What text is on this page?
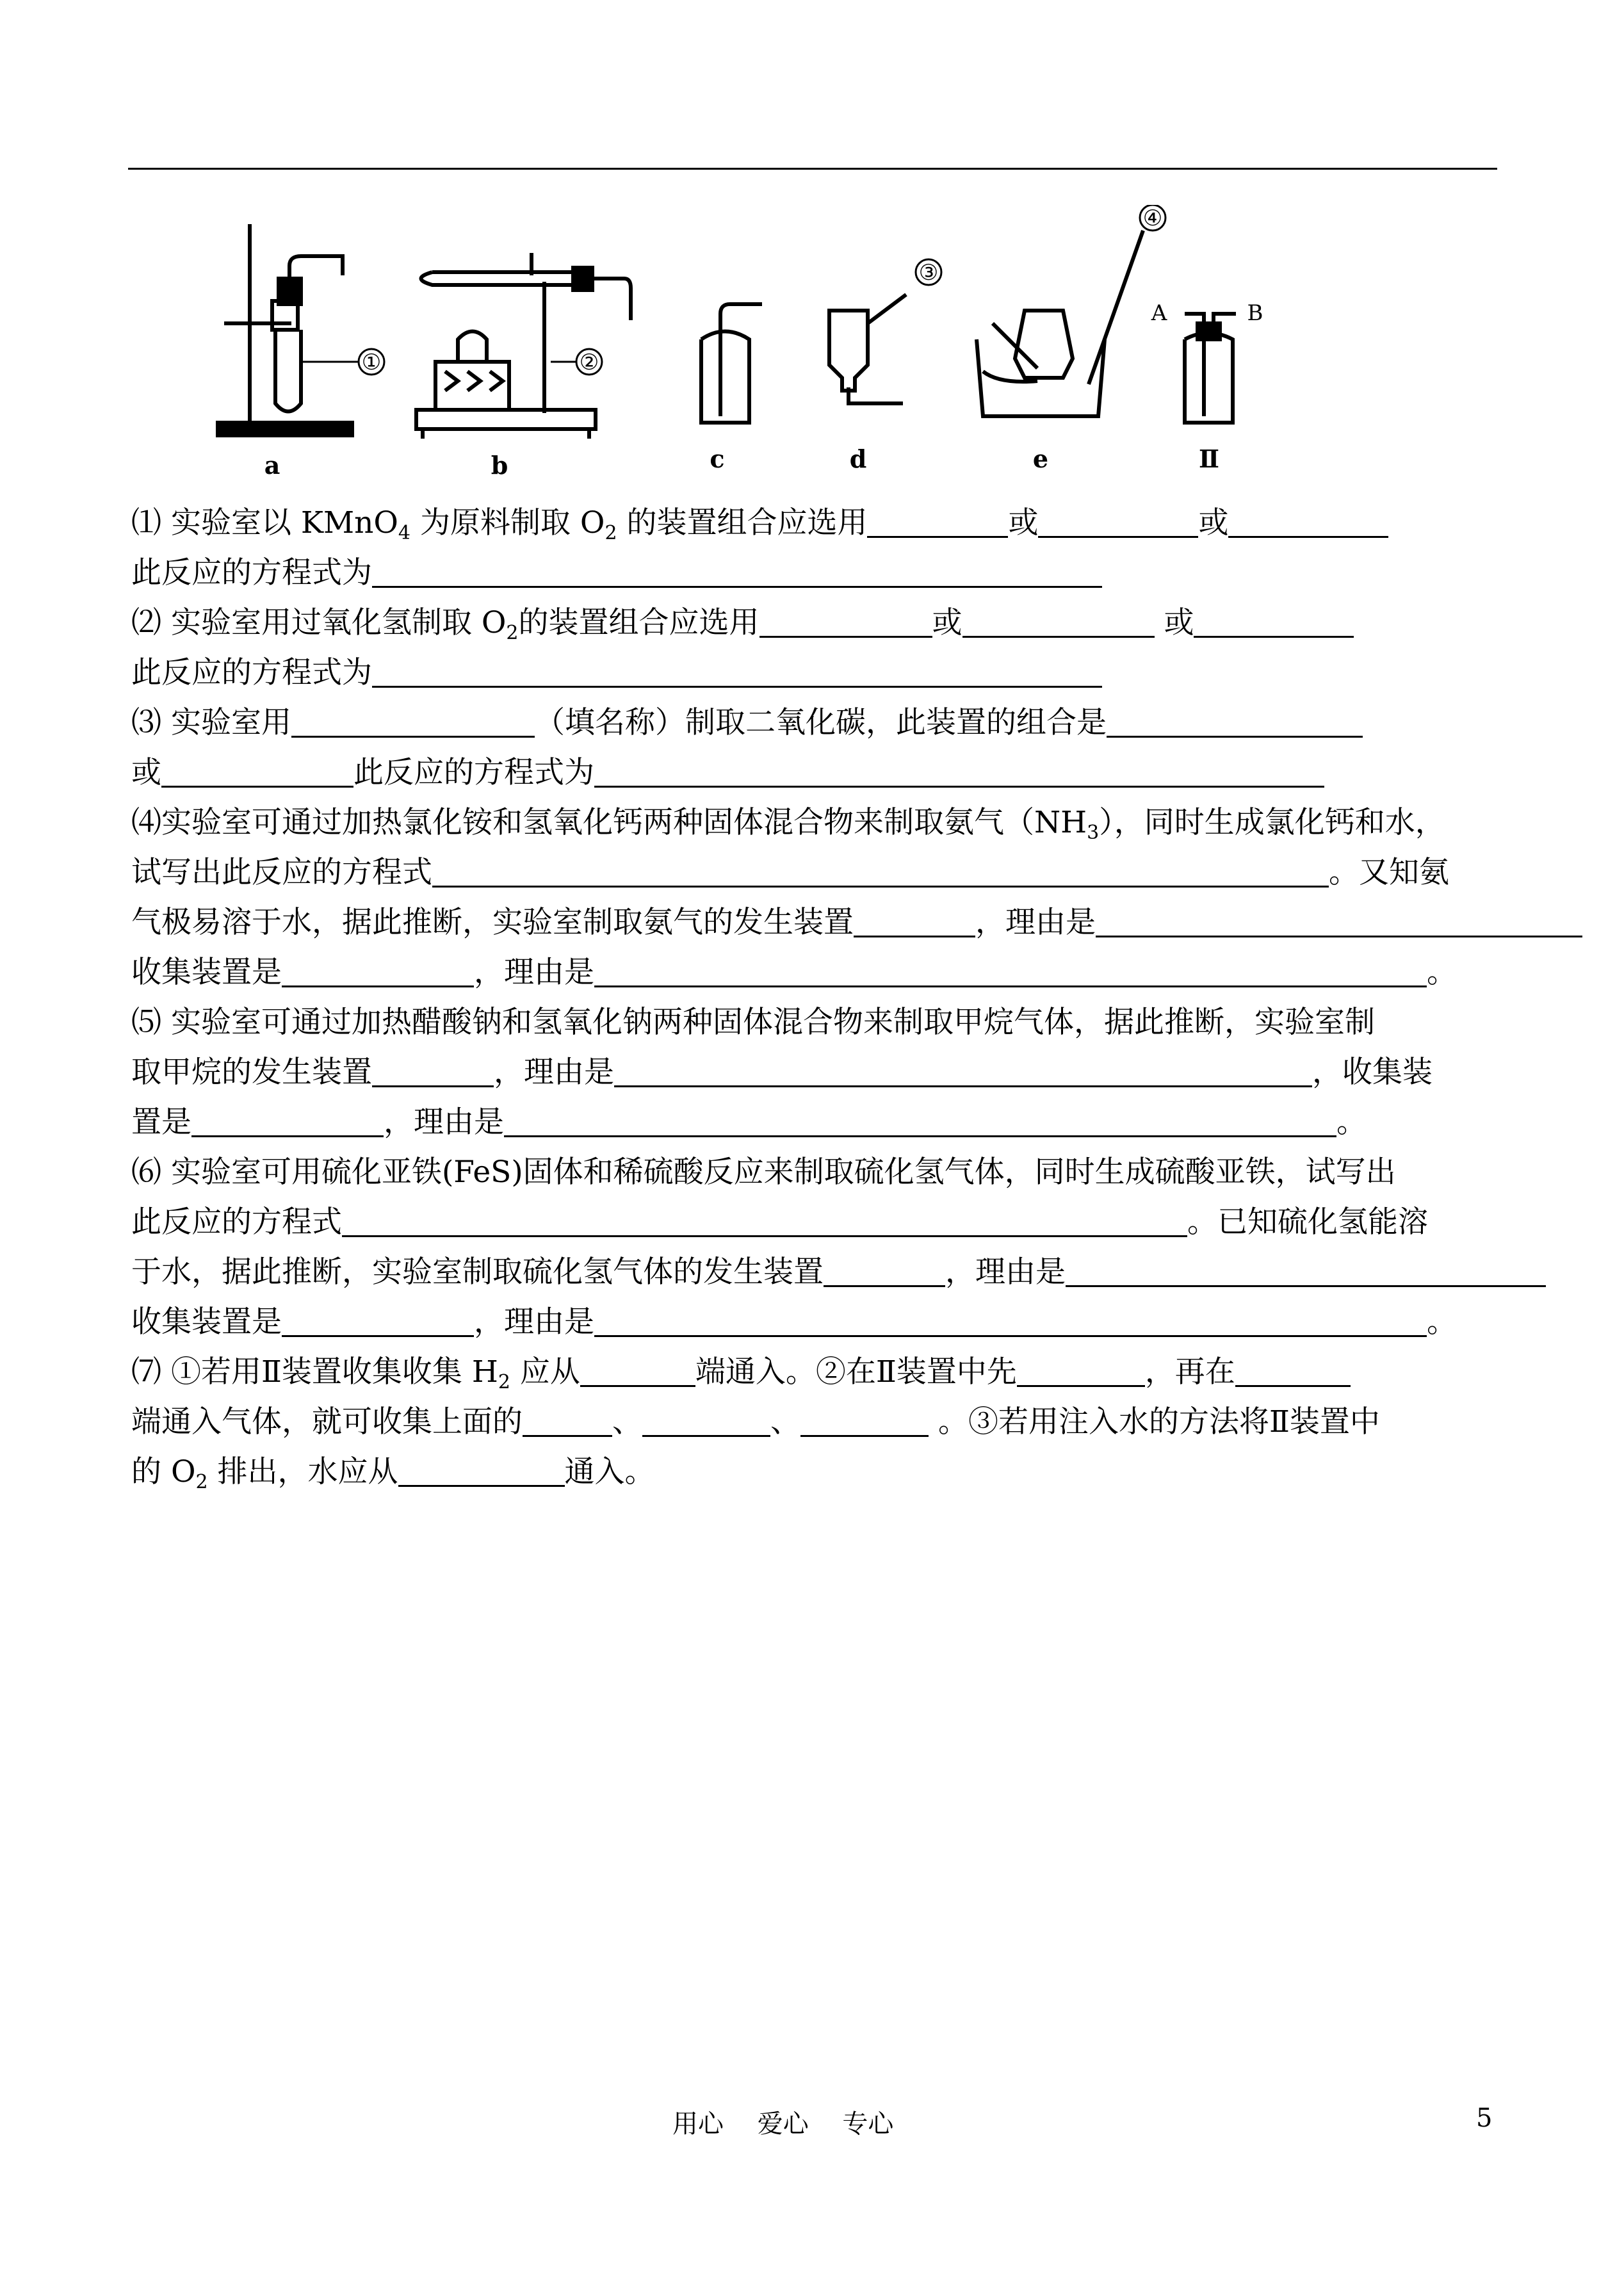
①	②
③
④
A	B
a	b	c	d	e	Ⅱ
⑴ 实验室以 KMnO$_4$ 为原料制取 $O_2$ 的装置组合应选用	或	或
此反应的方程式为
⑵ 实验室用过氧化氢制取 $O_2$的装置组合应选用	或	或
此反应的方程式为
⑶ 实验室用	（填名称）制取二氧化碳，此装置的组合是
或	此反应的方程式为
⑷实验室可通过加热氯化铵和氢氧化钙两种固体混合物来制取氨气$(NH_3)$，同时生成氯化钙和水，
试写出此反应的方程式	。又知氨
气极易溶于水，据此推断，实验室制取氨气的发生装置	，理由是
收集装置是	，理由是	。
⑸ 实验室可通过加热醋酸钠和氢氧化钠两种固体混合物来制取甲烷气体，据此推断，实验室制
取甲烷的发生装置	，理由是	，收集装
置是	，理由是	。
⑹ 实验室可用硫化亚铁(FeS)固体和稀硫酸反应来制取硫化氢气体，同时生成硫酸亚铁，试写出
此反应的方程式	。已知硫化氢能溶
于水，据此推断，实验室制取硫化氢气体的发生装置	，理由是
收集装置是	，理由是	。
⑺ ①若用Ⅱ装置收集收集 $H_2$ 应从	端通入。②在Ⅱ装置中先	，再在
端通入气体，就可收集上面的	、	、	。③若用注入水的方法将Ⅱ装置中
的 $O_2$ 排出，水应从	通入。
用心 爱心 专心	5
